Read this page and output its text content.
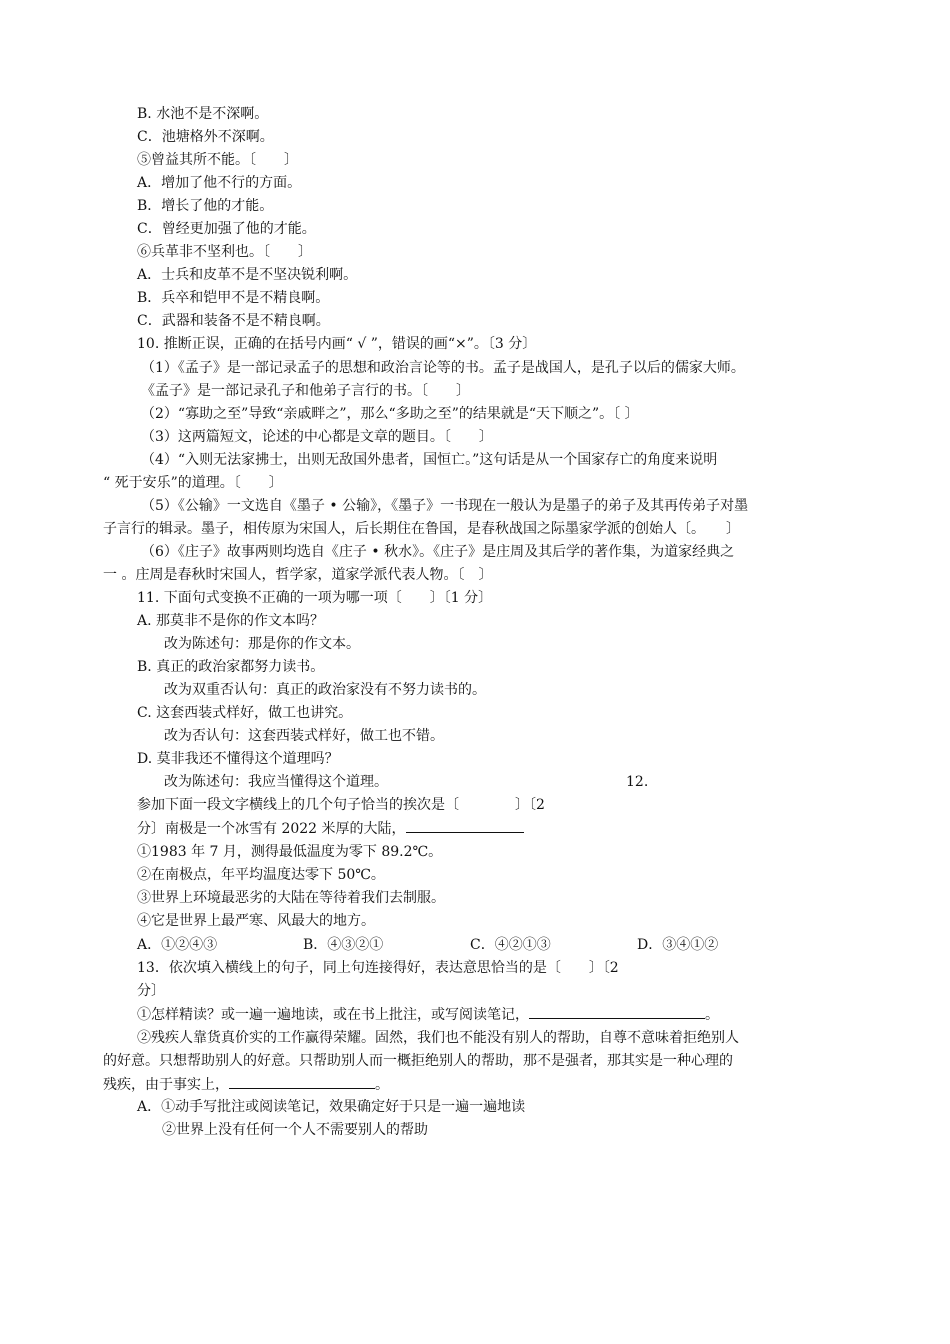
B. 水池不是不深啊。
C．池塘格外不深啊。
⑤曾益其所不能。〔　　〕
A．增加了他不行的方面。
B．增长了他的才能。
C．曾经更加强了他的才能。
⑥兵革非不坚利也。〔　　〕
A．士兵和皮革不是不坚决锐利啊。
B．兵卒和铠甲不是不精良啊。
C．武器和装备不是不精良啊。
10. 推断正误，正确的在括号内画“ √ ”，错误的画“×”。〔3 分〕
（1）《孟子》是一部记录孟子的思想和政治言论等的书。孟子是战国人，是孔子以后的儒家大师。
《孟子》是一部记录孔子和他弟子言行的书。〔　　〕
（2）“寡助之至”导致“亲戚畔之”，那么“多助之至”的结果就是“天下顺之”。〔 〕
（3）这两篇短文，论述的中心都是文章的题目。〔　　〕
（4）“入则无法家拂士，出则无敌国外患者，国恒亡。”这句话是从一个国家存亡的角度来说明
“ 死于安乐”的道理。〔　　〕
（5）《公输》一文选自《墨子 • 公输》，《墨子》一书现在一般认为是墨子的弟子及其再传弟子对墨
子言行的辑录。墨子，相传原为宋国人，后长期住在鲁国，是春秋战国之际墨家学派的创始人〔。　　〕
（6）《庄子》故事两则均选自《庄子 • 秋水》。《庄子》是庄周及其后学的著作集，为道家经典之
一 。庄周是春秋时宋国人，哲学家，道家学派代表人物。〔　〕
11. 下面句式变换不正确的一项为哪一项〔　　〕〔1 分〕
A. 那莫非不是你的作文本吗？
改为陈述句：那是你的作文本。
B. 真正的政治家都努力读书。
改为双重否认句：真正的政治家没有不努力读书的。
C. 这套西装式样好，做工也讲究。
改为否认句：这套西装式样好，做工也不错。
D. 莫非我还不懂得这个道理吗？
改为陈述句：我应当懂得这个道理。	12.
参加下面一段文字横线上的几个句子恰当的挨次是〔　　　　〕〔2
分〕南极是一个冰雪有 2022 米厚的大陆，
①1983 年 7 月，测得最低温度为零下 89.2℃。
②在南极点，年平均温度达零下 50℃。
③世界上环境最恶劣的大陆在等待着我们去制服。
④它是世界上最严寒、风最大的地方。
A．①②④③	B．④③②①	C．④②①③	D．③④①②
13．依次填入横线上的句子，同上句连接得好，表达意思恰当的是〔　　〕〔2
分〕
①怎样精读？或一遍一遍地读，或在书上批注，或写阅读笔记，	。
②残疾人靠货真价实的工作赢得荣耀。固然，我们也不能没有别人的帮助，自尊不意味着拒绝别人
的好意。只想帮助别人的好意。只帮助别人而一概拒绝别人的帮助，那不是强者，那其实是一种心理的
残疾，由于事实上，	。
A．①动手写批注或阅读笔记，效果确定好于只是一遍一遍地读
②世界上没有任何一个人不需要别人的帮助
